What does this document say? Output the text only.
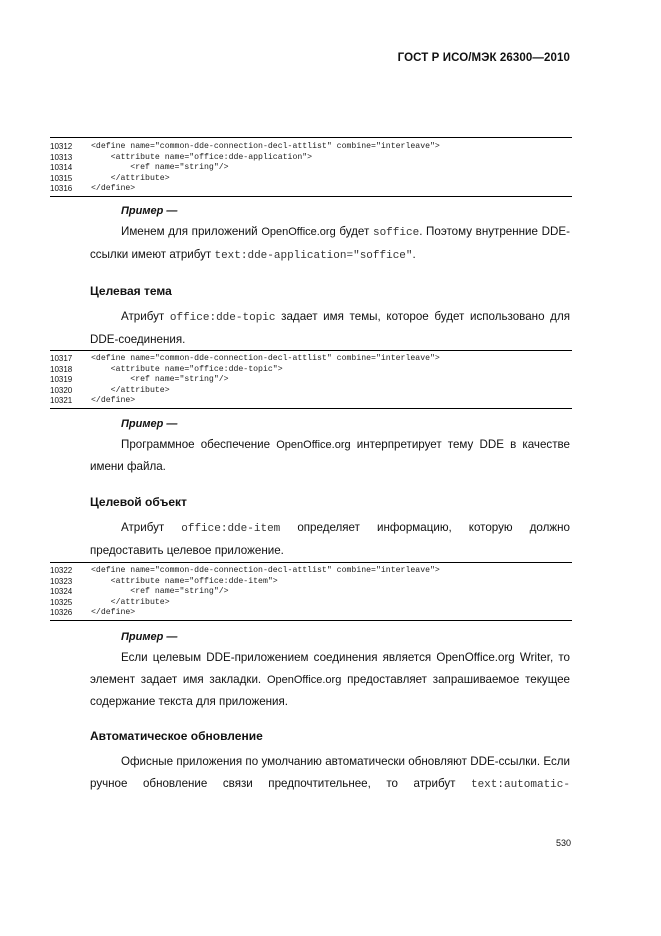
ГОСТ Р ИСО/МЭК 26300—2010
10312	<define name="common-dde-connection-decl-attlist" combine="interleave">
10313	<attribute name="office:dde-application">
10314	<ref name="string"/>
10315	</attribute>
10316	</define>
Пример —
Именем для приложений OpenOffice.org будет soffice. Поэтому внутренние DDE-ссылки имеют атрибут text:dde-application="soffice".
Целевая тема
Атрибут office:dde-topic задает имя темы, которое будет использовано для DDE-соединения.
10317	<define name="common-dde-connection-decl-attlist" combine="interleave">
10318	<attribute name="office:dde-topic">
10319	<ref name="string"/>
10320	</attribute>
10321	</define>
Пример —
Программное обеспечение OpenOffice.org интерпретирует тему DDE в качестве имени файла.
Целевой объект
Атрибут office:dde-item определяет информацию, которую должно предоставить целевое приложение.
10322	<define name="common-dde-connection-decl-attlist" combine="interleave">
10323	<attribute name="office:dde-item">
10324	<ref name="string"/>
10325	</attribute>
10326	</define>
Пример —
Если целевым DDE-приложением соединения является OpenOffice.org Writer, то элемент задает имя закладки. OpenOffice.org предоставляет запрашиваемое текущее содержание текста для приложения.
Автоматическое обновление
Офисные приложения по умолчанию автоматически обновляют DDE-ссылки. Если ручное обновление связи предпочтительнее, то атрибут text:automatic-
530
